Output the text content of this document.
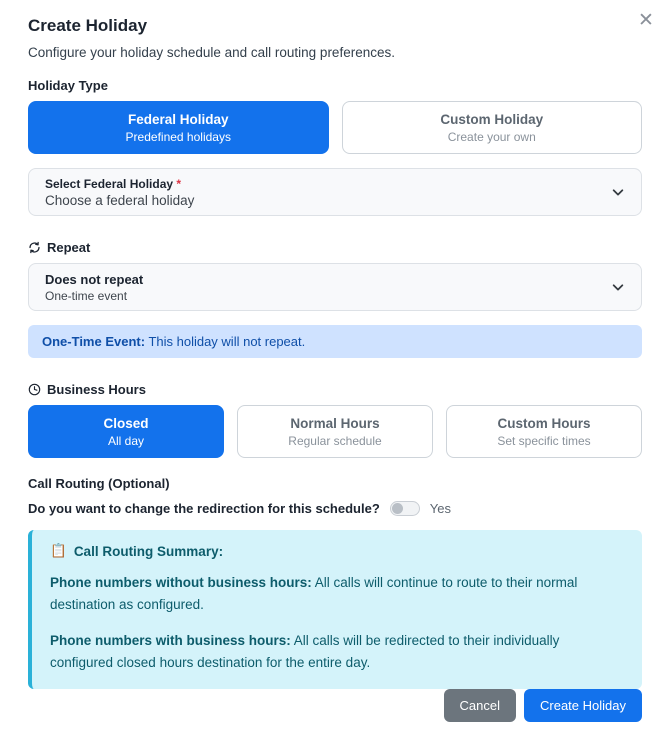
✕
Create Holiday
Configure your holiday schedule and call routing preferences.
Holiday Type
Federal Holiday
Predefined holidays
Custom Holiday
Create your own
Select Federal Holiday *
Choose a federal holiday
Repeat
Does not repeat
One-time event
One-Time Event: This holiday will not repeat.
Business Hours
Closed
All day
Normal Hours
Regular schedule
Custom Hours
Set specific times
Call Routing (Optional)
Do you want to change the redirection for this schedule?	Yes
📋 Call Routing Summary:
Phone numbers without business hours: All calls will continue to route to their normal destination as configured.
Phone numbers with business hours: All calls will be redirected to their individually configured closed hours destination for the entire day.
Cancel	Create Holiday
